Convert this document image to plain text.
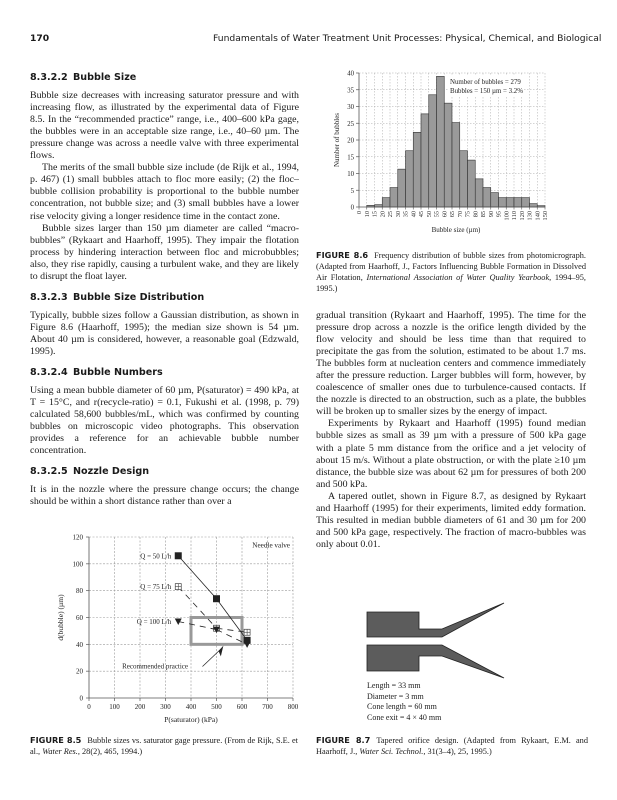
170	Fundamentals of Water Treatment Unit Processes: Physical, Chemical, and Biological
8.3.2.2 Bubble Size

Bubble size decreases with increasing saturator pressure and with increasing flow, as illustrated by the experimental data of Figure 8.5. In the “recommended practice” range, i.e., 400–600 kPa gage, the bubbles were in an acceptable size range, i.e., 40–60 µm. The pressure change was across a needle valve with three experimental flows.

The merits of the small bubble size include (de Rijk et al., 1994, p. 467) (1) small bubbles attach to floc more easily; (2) the floc–bubble collision probability is proportional to the bubble number concentration, not bubble size; and (3) small bubbles have a lower rise velocity giving a longer residence time in the contact zone.

Bubble sizes larger than 150 µm diameter are called “macro-bubbles” (Rykaart and Haarhoff, 1995). They impair the flotation process by hindering interaction between floc and microbubbles; also, they rise rapidly, causing a turbulent wake, and they are likely to disrupt the float layer.

8.3.2.3 Bubble Size Distribution

Typically, bubble sizes follow a Gaussian distribution, as shown in Figure 8.6 (Haarhoff, 1995); the median size shown is 54 µm. About 40 µm is considered, however, a reasonable goal (Edzwald, 1995).

8.3.2.4 Bubble Numbers

Using a mean bubble diameter of 60 µm, P(saturator) = 490 kPa, at T = 15°C, and r(recycle-ratio) = 0.1, Fukushi et al. (1998, p. 79) calculated 58,600 bubbles/mL, which was confirmed by counting bubbles on microscopic video photographs. This observation provides a reference for an achievable bubble number concentration.

8.3.2.5 Nozzle Design

It is in the nozzle where the pressure change occurs; the change should be within a short distance rather than over a

0	100 200 300 400 500 600 700 800
0
20
40
60
80
100
120
P(saturator) (kPa)
d(bubble) (µm)
Needle valve
Recommended practice
Q = 50 L/h
Q = 75 L/h
Q = 100 L/h
FIGURE 8.5 Bubble sizes vs. saturator gage pressure. (From de Rijk, S.E. et al., Water Res., 28(2), 465, 1994.)
0
5
10
15
20
25
30
35
40
0 10 15 20 25 30 35 40 45 50 55 60 65 70 75 80 85 90 95 100 110 120 130 140 150
Bubble size (µm)
Number of bubbles
Number of bubbles = 279
Bubbles = 150 µm = 3.2%
FIGURE 8.6 Frequency distribution of bubble sizes from photomicrograph. (Adapted from Haarhoff, J., Factors Influencing Bubble Formation in Dissolved Air Flotation, International Association of Water Quality Yearbook, 1994–95, 1995.)

gradual transition (Rykaart and Haarhoff, 1995). The time for the pressure drop across a nozzle is the orifice length divided by the flow velocity and should be less time than that required to precipitate the gas from the solution, estimated to be about 1.7 ms. The bubbles form at nucleation centers and commence immediately after the pressure reduction. Larger bubbles will form, however, by coalescence of smaller ones due to turbulence-caused contacts. If the nozzle is directed to an obstruction, such as a plate, the bubbles will be broken up to smaller sizes by the energy of impact.

Experiments by Rykaart and Haarhoff (1995) found median bubble sizes as small as 39 µm with a pressure of 500 kPa gage with a plate 5 mm distance from the orifice and a jet velocity of about 15 m/s. Without a plate obstruction, or with the plate ≥10 µm distance, the bubble size was about 62 µm for pressures of both 200 and 500 kPa.

A tapered outlet, shown in Figure 8.7, as designed by Rykaart and Haarhoff (1995) for their experiments, limited eddy formation. This resulted in median bubble diameters of 61 and 30 µm for 200 and 500 kPa gage, respectively. The fraction of macro-bubbles was only about 0.01.

Length = 33 mm
Diameter = 3 mm
Cone length = 60 mm
Cone exit = 4 × 40 mm
FIGURE 8.7 Tapered orifice design. (Adapted from Rykaart, E.M. and Haarhoff, J., Water Sci. Technol., 31(3–4), 25, 1995.)
